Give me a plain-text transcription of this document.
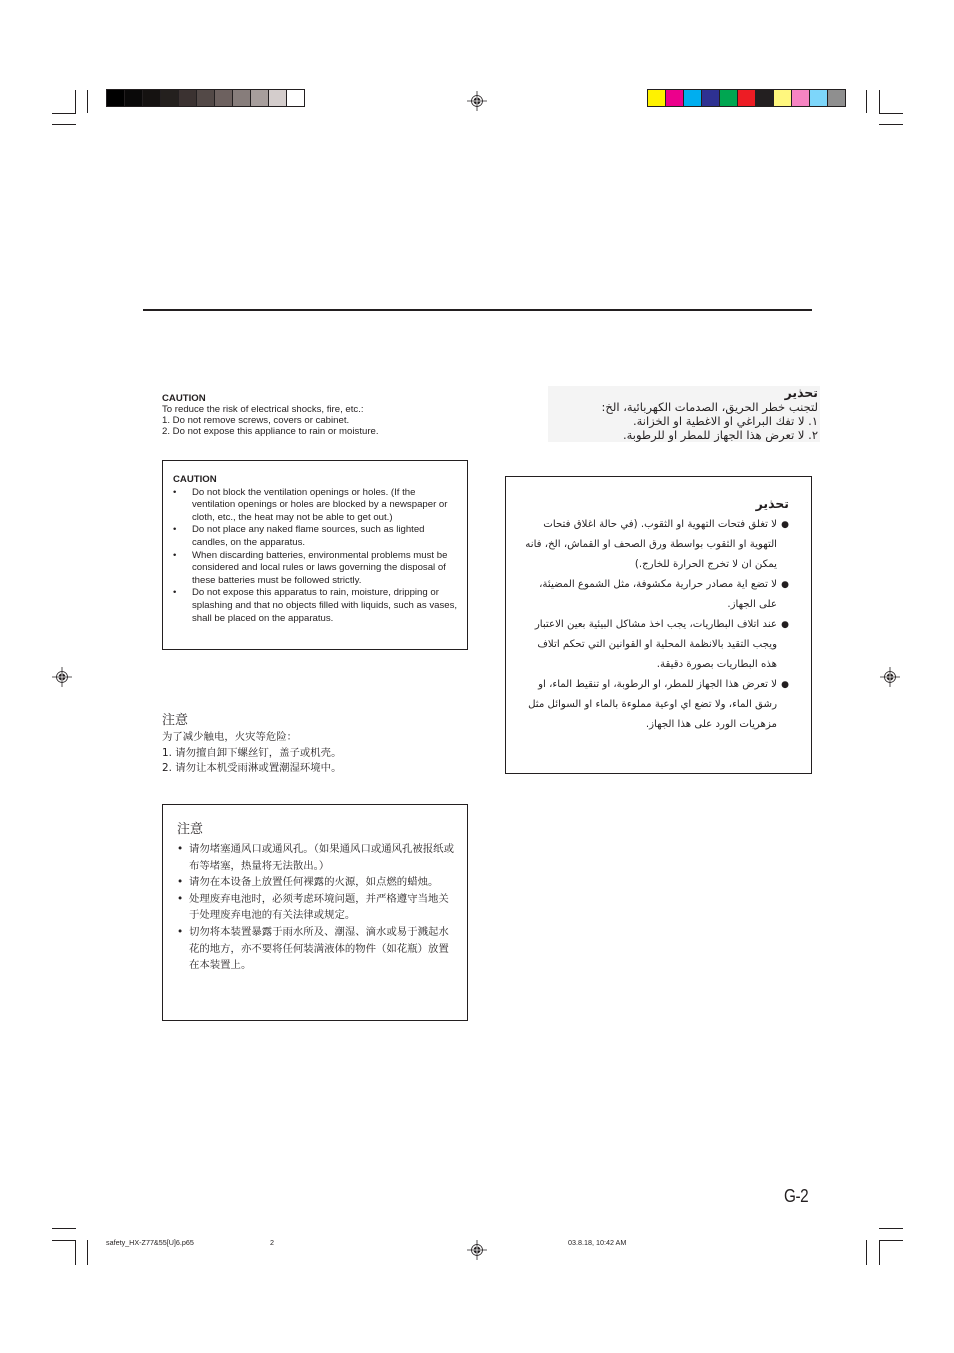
CAUTION
To reduce the risk of electrical shocks, fire, etc.:
1. Do not remove screws, covers or cabinet.
2. Do not expose this appliance to rain or moisture.
CAUTION
• Do not block the ventilation openings or holes. (If the ventilation openings or holes are blocked by a newspaper or cloth, etc., the heat may not be able to get out.)
• Do not place any naked flame sources, such as lighted candles, on the apparatus.
• When discarding batteries, environmental problems must be considered and local rules or laws governing the disposal of these batteries must be followed strictly.
• Do not expose this apparatus to rain, moisture, dripping or splashing and that no objects filled with liquids, such as vases, shall be placed on the apparatus.
注意
为了减少触电，火灾等危险：
1. 请勿擅自卸下螺丝钉，盖子或机壳。
2. 请勿让本机受雨淋或置潮湿环境中。
注意
• 请勿堵塞通风口或通风孔。（如果通风口或通风孔被报纸或布等堵塞，热量将无法散出。）
• 请勿在本设备上放置任何裸露的火源，如点燃的蜡烛。
• 处理废弃电池时，必须考虑环境问题，并严格遵守当地关于处理废弃电池的有关法律或规定。
• 切勿将本装置暴露于雨水所及、潮湿、滴水或易于溅起水花的地方，亦不要将任何装满液体的物件（如花瓶）放置在本装置上。
تحذير
لتجنب خطر الحريق، الصدمات الكهربائية، الخ:
١. لا تفك البراغي او الاغطية او الخزانة.
٢. لا تعرض هذا الجهاز للمطر او للرطوبة.
تحذير
●
لا تغلق فتحات التهوية او الثقوب. (في حالة اغلاق فتحات التهوية او الثقوب بواسطة ورق الصحف او القماش، الخ، فانه يمكن ان لا تخرج الحرارة للخارج.)
●
لا تضع اية مصادر حرارية مكشوفة، مثل الشموع المضيئة، على الجهاز.
●
عند اتلاف البطاريات، يجب اخذ مشاكل البيئية بعين الاعتبار ويجب التقيد بالانظمة المحلية او القوانين التي تحكم اتلاف هذه البطاريات بصورة دقيقة.
●
لا تعرض هذا الجهاز للمطر، او الرطوبة، او تنقيط الماء، او رشق الماء، ولا تضع اي اوعية مملوءة بالماء او السوائل مثل مزهريات الورد على هذا الجهاز.
G-2
safety_HX-Z77&55[U]6.p65	2	03.8.18, 10:42 AM
